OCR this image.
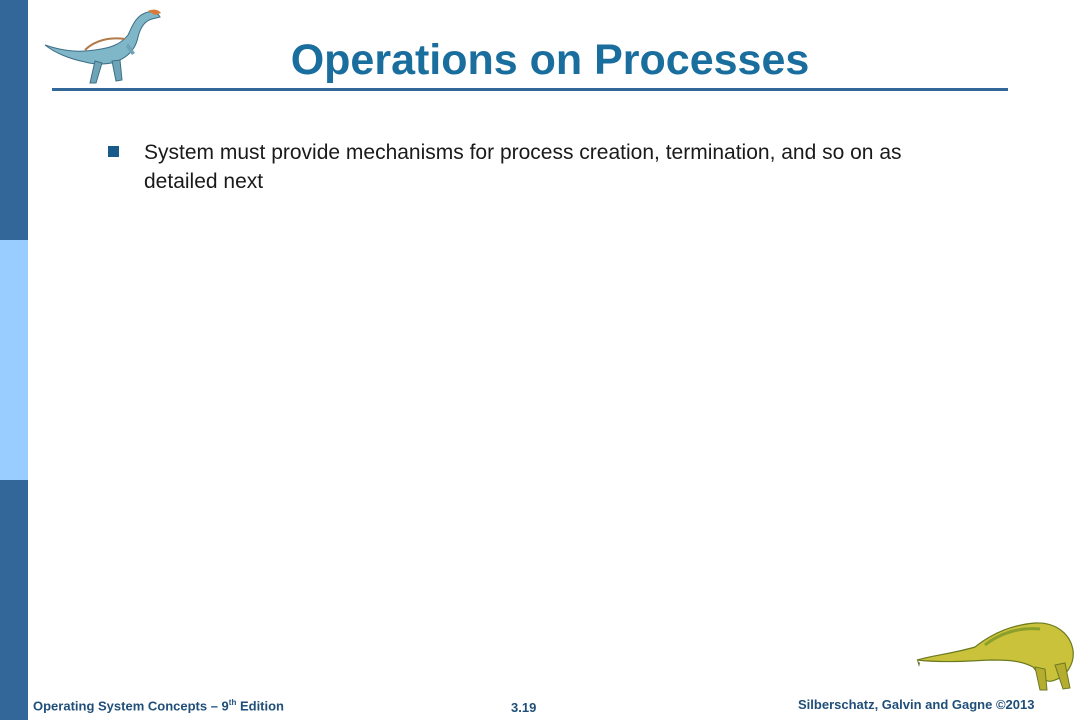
Operations on Processes
System must provide mechanisms for process creation, termination, and so on as detailed next
Operating System Concepts – 9th Edition	3.19	Silberschatz, Galvin and Gagne ©2013
